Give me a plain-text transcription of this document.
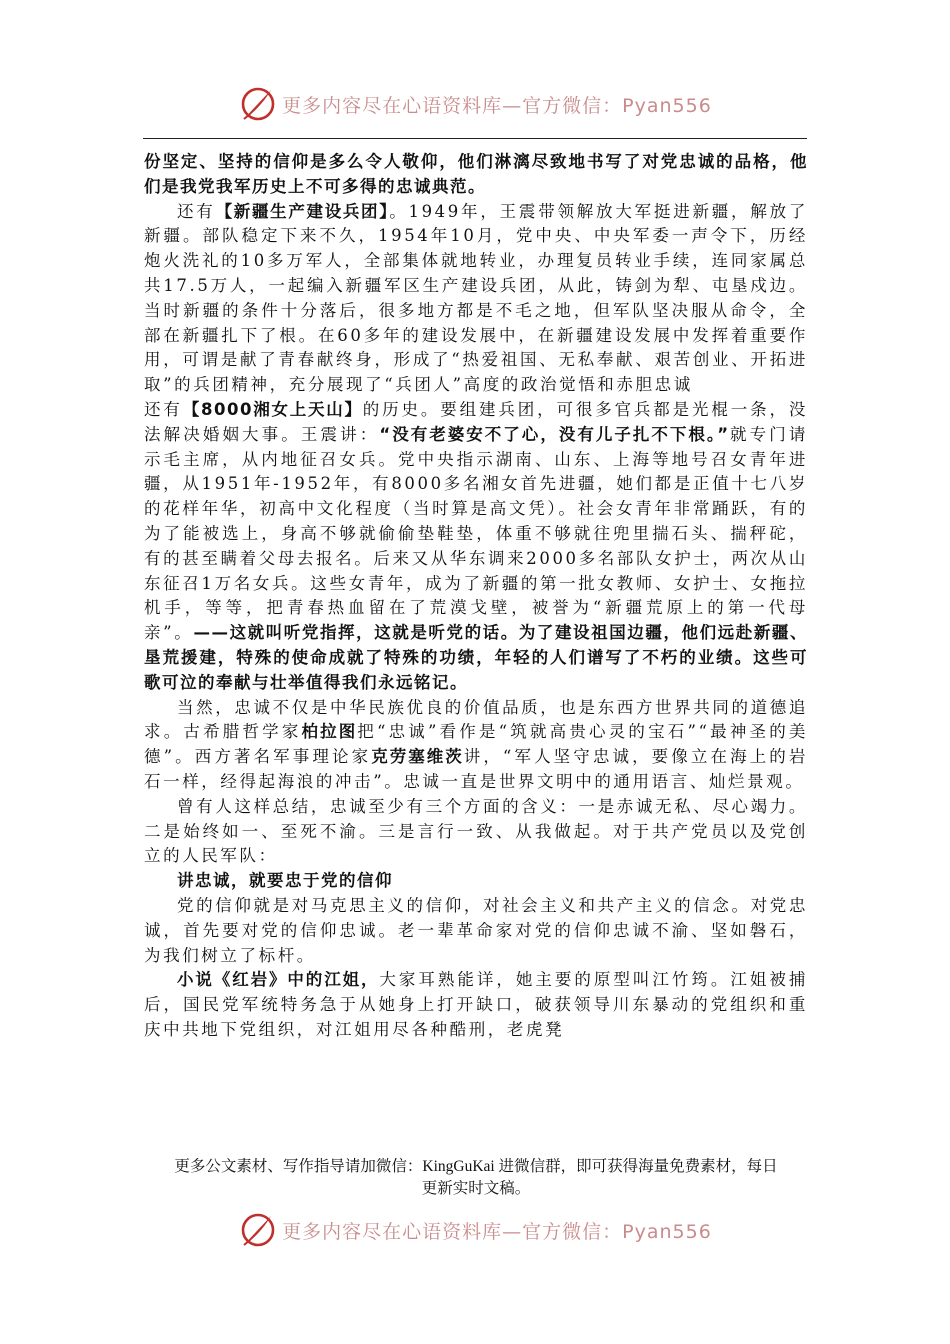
更多内容尽在心语资料库—官方微信：Pyan556

份坚定、坚持的信仰是多么令人敬仰，他们淋漓尽致地书写了对党忠诚的品格，他们是我党我军历史上不可多得的忠诚典范。

还有【新疆生产建设兵团】。1949年，王震带领解放大军挺进新疆，解放了新疆。部队稳定下来不久，1954年10月，党中央、中央军委一声令下，历经炮火洗礼的10多万军人，全部集体就地转业，办理复员转业手续，连同家属总共17.5万人，一起编入新疆军区生产建设兵团，从此，铸剑为犁、屯垦戍边。当时新疆的条件十分落后，很多地方都是不毛之地，但军队坚决服从命令，全部在新疆扎下了根。在60多年的建设发展中，在新疆建设发展中发挥着重要作用，可谓是献了青春献终身，形成了“热爱祖国、无私奉献、艰苦创业、开拓进取”的兵团精神，充分展现了“兵团人”高度的政治觉悟和赤胆忠诚

还有【8000湘女上天山】的历史。要组建兵团，可很多官兵都是光棍一条，没法解决婚姻大事。王震讲：“没有老婆安不了心，没有儿子扎不下根。”就专门请示毛主席，从内地征召女兵。党中央指示湖南、山东、上海等地号召女青年进疆，从1951年-1952年，有8000多名湘女首先进疆，她们都是正值十七八岁的花样年华，初高中文化程度（当时算是高文凭）。社会女青年非常踊跃，有的为了能被选上，身高不够就偷偷垫鞋垫，体重不够就往兜里揣石头、揣秤砣，有的甚至瞒着父母去报名。后来又从华东调来2000多名部队女护士，两次从山东征召1万名女兵。这些女青年，成为了新疆的第一批女教师、女护士、女拖拉机手，等等，把青春热血留在了荒漠戈壁，被誉为“新疆荒原上的第一代母亲”。——这就叫听党指挥，这就是听党的话。为了建设祖国边疆，他们远赴新疆、垦荒援建，特殊的使命成就了特殊的功绩，年轻的人们谱写了不朽的业绩。这些可歌可泣的奉献与壮举值得我们永远铭记。

当然，忠诚不仅是中华民族优良的价值品质，也是东西方世界共同的道德追求。古希腊哲学家柏拉图把“忠诚”看作是“筑就高贵心灵的宝石”“最神圣的美德”。西方著名军事理论家克劳塞维茨讲，“军人坚守忠诚，要像立在海上的岩石一样，经得起海浪的冲击”。忠诚一直是世界文明中的通用语言、灿烂景观。

曾有人这样总结，忠诚至少有三个方面的含义：一是赤诚无私、尽心竭力。二是始终如一、至死不渝。三是言行一致、从我做起。对于共产党员以及党创立的人民军队：

讲忠诚，就要忠于党的信仰

党的信仰就是对马克思主义的信仰，对社会主义和共产主义的信念。对党忠诚，首先要对党的信仰忠诚。老一辈革命家对党的信仰忠诚不渝、坚如磐石，为我们树立了标杆。

小说《红岩》中的江姐，大家耳熟能详，她主要的原型叫江竹筠。江姐被捕后，国民党军统特务急于从她身上打开缺口，破获领导川东暴动的党组织和重庆中共地下党组织，对江姐用尽各种酷刑，老虎凳

更多公文素材、写作指导请加微信：KingGuKai 进微信群，即可获得海量免费素材，每日
更新实时文稿。
更多内容尽在心语资料库—官方微信：Pyan556
